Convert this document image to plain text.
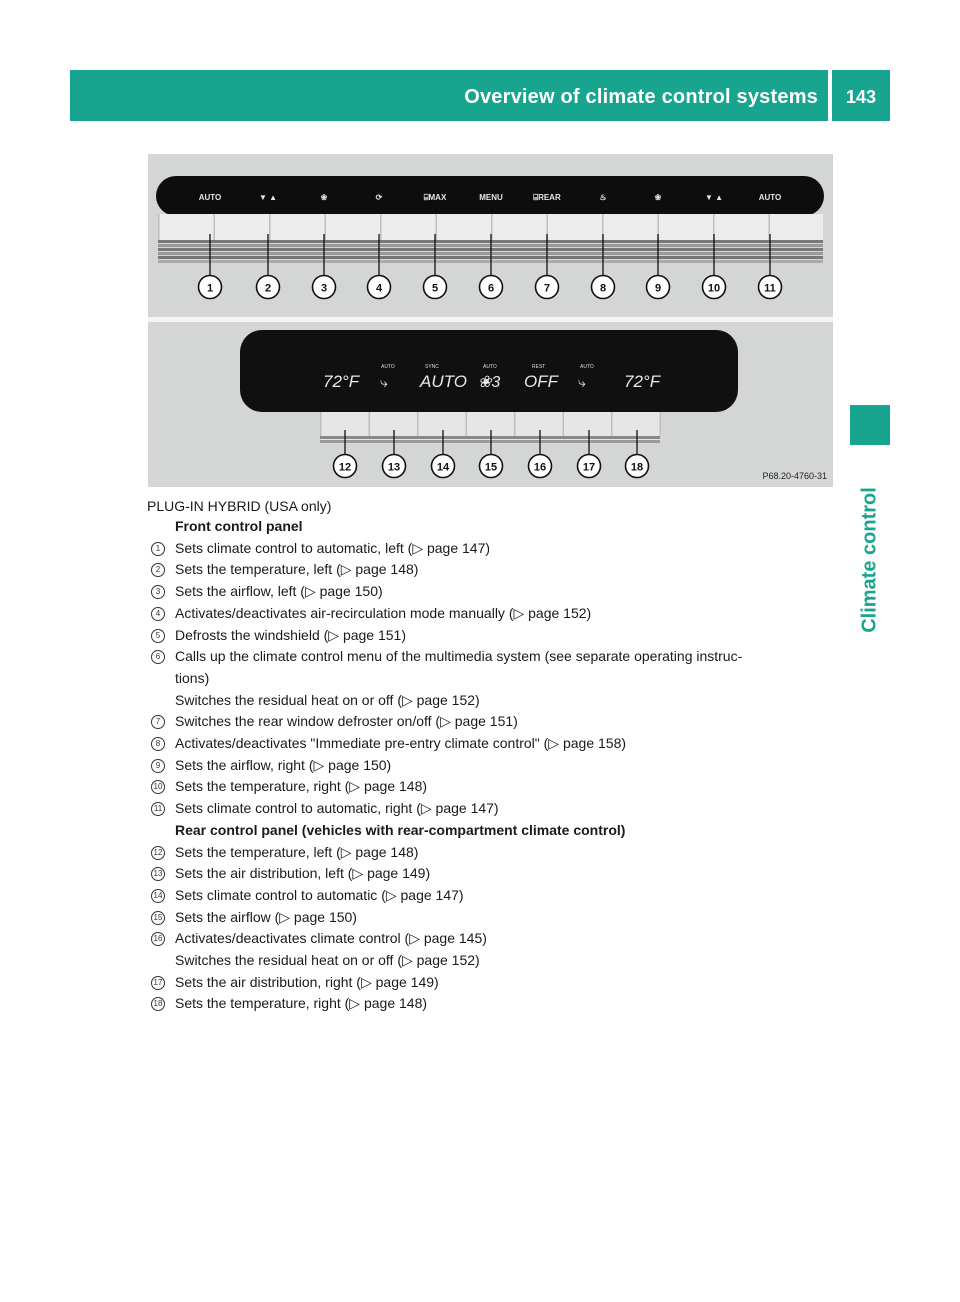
Overview of climate control systems	143
Climate control
AUTO	▼ ▲	❀	⟳	⌸MAX	MENU	⌸REAR	♨	❀	▼ ▲	AUTO
1	2	3	4	5	6	7	8	9	10	11
72°F
AUTO
⤷
SYNC
AUTO
AUTO
❀3
REST
OFF
AUTO
⤷ 72°F
12	13	14	15	16	17	18
P68.20-4760-31
PLUG-IN HYBRID (USA only)
Front control panel
1	Sets climate control to automatic, left (▷ page 147)
2	Sets the temperature, left (▷ page 148)
3	Sets the airflow, left (▷ page 150)
4	Activates/deactivates air-recirculation mode manually (▷ page 152)
5	Defrosts the windshield (▷ page 151)
6	Calls up the climate control menu of the multimedia system (see separate operating instruc-
tions)
Switches the residual heat on or off (▷ page 152)
7	Switches the rear window defroster on/off (▷ page 151)
8	Activates/deactivates "Immediate pre-entry climate control" (▷ page 158)
9	Sets the airflow, right (▷ page 150)
10 Sets the temperature, right (▷ page 148)
11 Sets climate control to automatic, right (▷ page 147)
Rear control panel (vehicles with rear-compartment climate control)
12 Sets the temperature, left (▷ page 148)
13 Sets the air distribution, left (▷ page 149)
14 Sets climate control to automatic (▷ page 147)
15 Sets the airflow (▷ page 150)
16 Activates/deactivates climate control (▷ page 145)
Switches the residual heat on or off (▷ page 152)
17 Sets the air distribution, right (▷ page 149)
18 Sets the temperature, right (▷ page 148)
